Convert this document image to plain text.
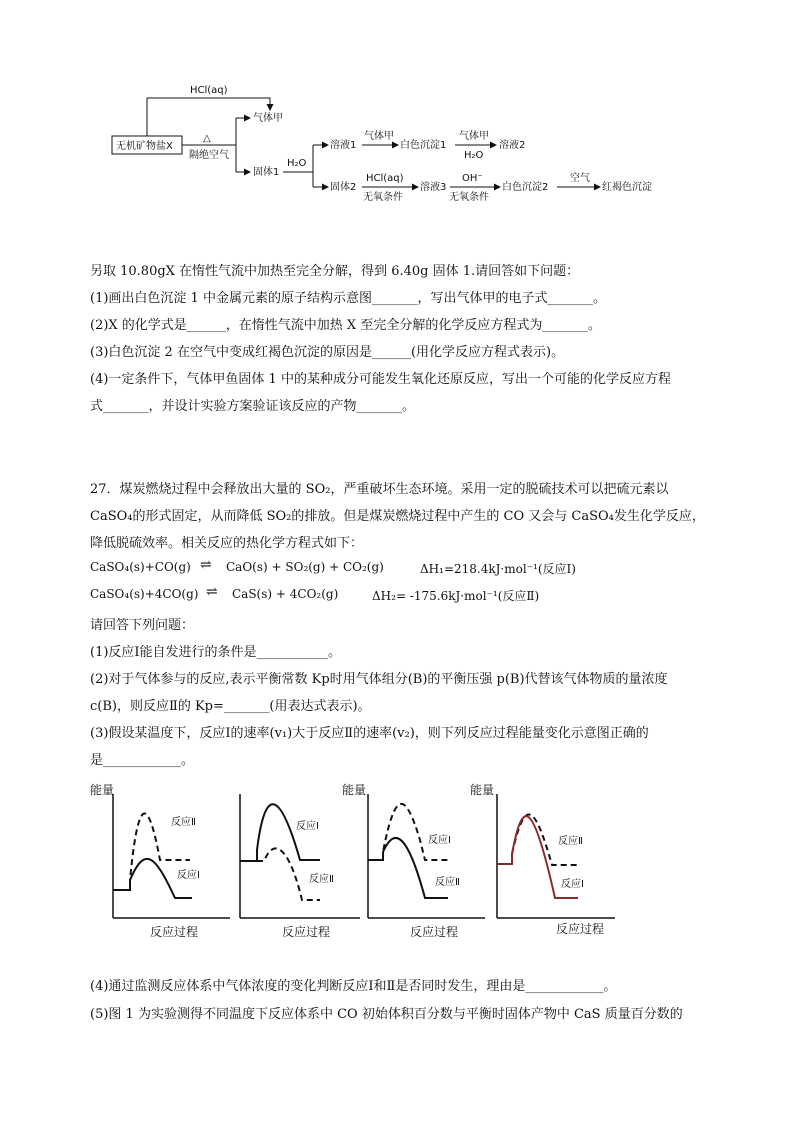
无机矿物盐X
HCl(aq)
△
隔绝空气
气体甲
固体1
H₂O
溶液1
气体甲
白色沉淀1
气体甲
H₂O
溶液2
固体2
HCl(aq)
无氧条件
溶液3
OH⁻
无氧条件
白色沉淀2
空气
红褐色沉淀
另取 10.80gX 在惰性气流中加热至完全分解，得到 6.40g 固体 1.请回答如下问题：
(1)画出白色沉淀 1 中金属元素的原子结构示意图_______，写出气体甲的电子式_______。
(2)X 的化学式是______，在惰性气流中加热 X 至完全分解的化学反应方程式为_______。
(3)白色沉淀 2 在空气中变成红褐色沉淀的原因是______(用化学反应方程式表示)。
(4)一定条件下，气体甲鱼固体 1 中的某种成分可能发生氧化还原反应，写出一个可能的化学反应方程
式_______，并设计实验方案验证该反应的产物_______。
27．煤炭燃烧过程中会释放出大量的 SO₂，严重破坏生态环境。采用一定的脱硫技术可以把硫元素以
CaSO₄的形式固定，从而降低 SO₂的排放。但是煤炭燃烧过程中产生的 CO 又会与 CaSO₄发生化学反应，
降低脱硫效率。相关反应的热化学方程式如下：
CaSO₄(s)+CO(g) ⇌ CaO(s) + SO₂(g) + CO₂(g)	ΔH₁=218.4kJ·mol⁻¹(反应Ⅰ)
CaSO₄(s)+4CO(g) ⇌ CaS(s) + 4CO₂(g)	ΔH₂= -175.6kJ·mol⁻¹(反应Ⅱ)
请回答下列问题：
(1)反应Ⅰ能自发进行的条件是___________。
(2)对于气体参与的反应,表示平衡常数 Kp时用气体组分(B)的平衡压强 p(B)代替该气体物质的量浓度
c(B)，则反应Ⅱ的 Kp=_______(用表达式表示)。
(3)假设某温度下，反应Ⅰ的速率(v₁)大于反应Ⅱ的速率(v₂)，则下列反应过程能量变化示意图正确的
是____________。
能量
反应Ⅱ
反应Ⅰ
反应过程
反应Ⅰ
反应Ⅱ
反应过程
能量
反应Ⅰ
反应Ⅱ
反应过程
能量
反应Ⅱ
反应Ⅰ
反应过程
(4)通过监测反应体系中气体浓度的变化判断反应Ⅰ和Ⅱ是否同时发生，理由是____________。
(5)图 1 为实验测得不同温度下反应体系中 CO 初始体积百分数与平衡时固体产物中 CaS 质量百分数的
